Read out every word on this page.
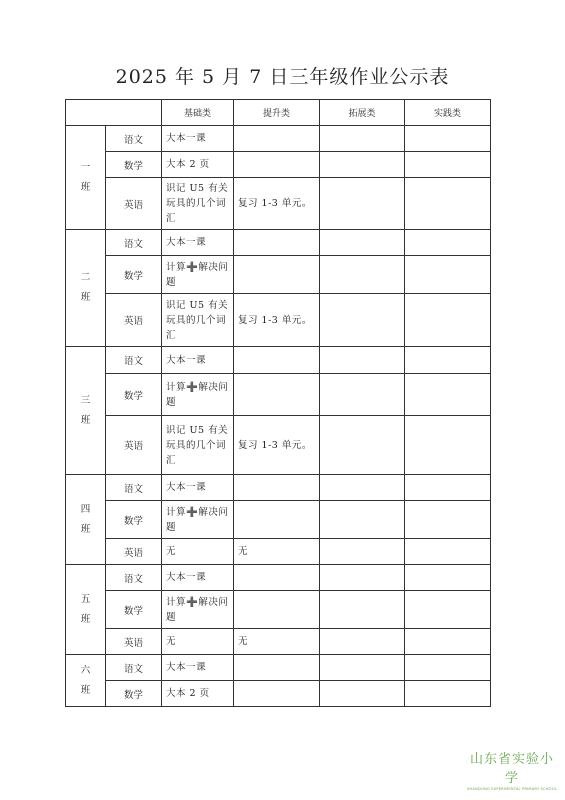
2025 年 5 月 7 日三年级作业公示表
		基础类	提升类	拓展类	实践类

一
班	语文	大本一课			
	数学	大本 2 页			
	英语	识记 U5 有关玩具的几个词汇	复习 1-3 单元。		

二
班	语文	大本一课			
	数学	计算➕解决问题			
	英语	识记 U5 有关玩具的几个词汇	复习 1-3 单元。		

三
班	语文	大本一课			
	数学	计算➕解决问题			
	英语	识记 U5 有关玩具的几个词汇	复习 1-3 单元。		

四
班	语文	大本一课			
	数学	计算➕解决问题			
	英语	无	无		

五
班	语文	大本一课			
	数学	计算➕解决问题			
	英语	无	无		

六
班	语文	大本一课			
	数学	大本 2 页			
山东省实验小学
SHANDONG EXPERIMENTAL PRIMARY SCHOOL
